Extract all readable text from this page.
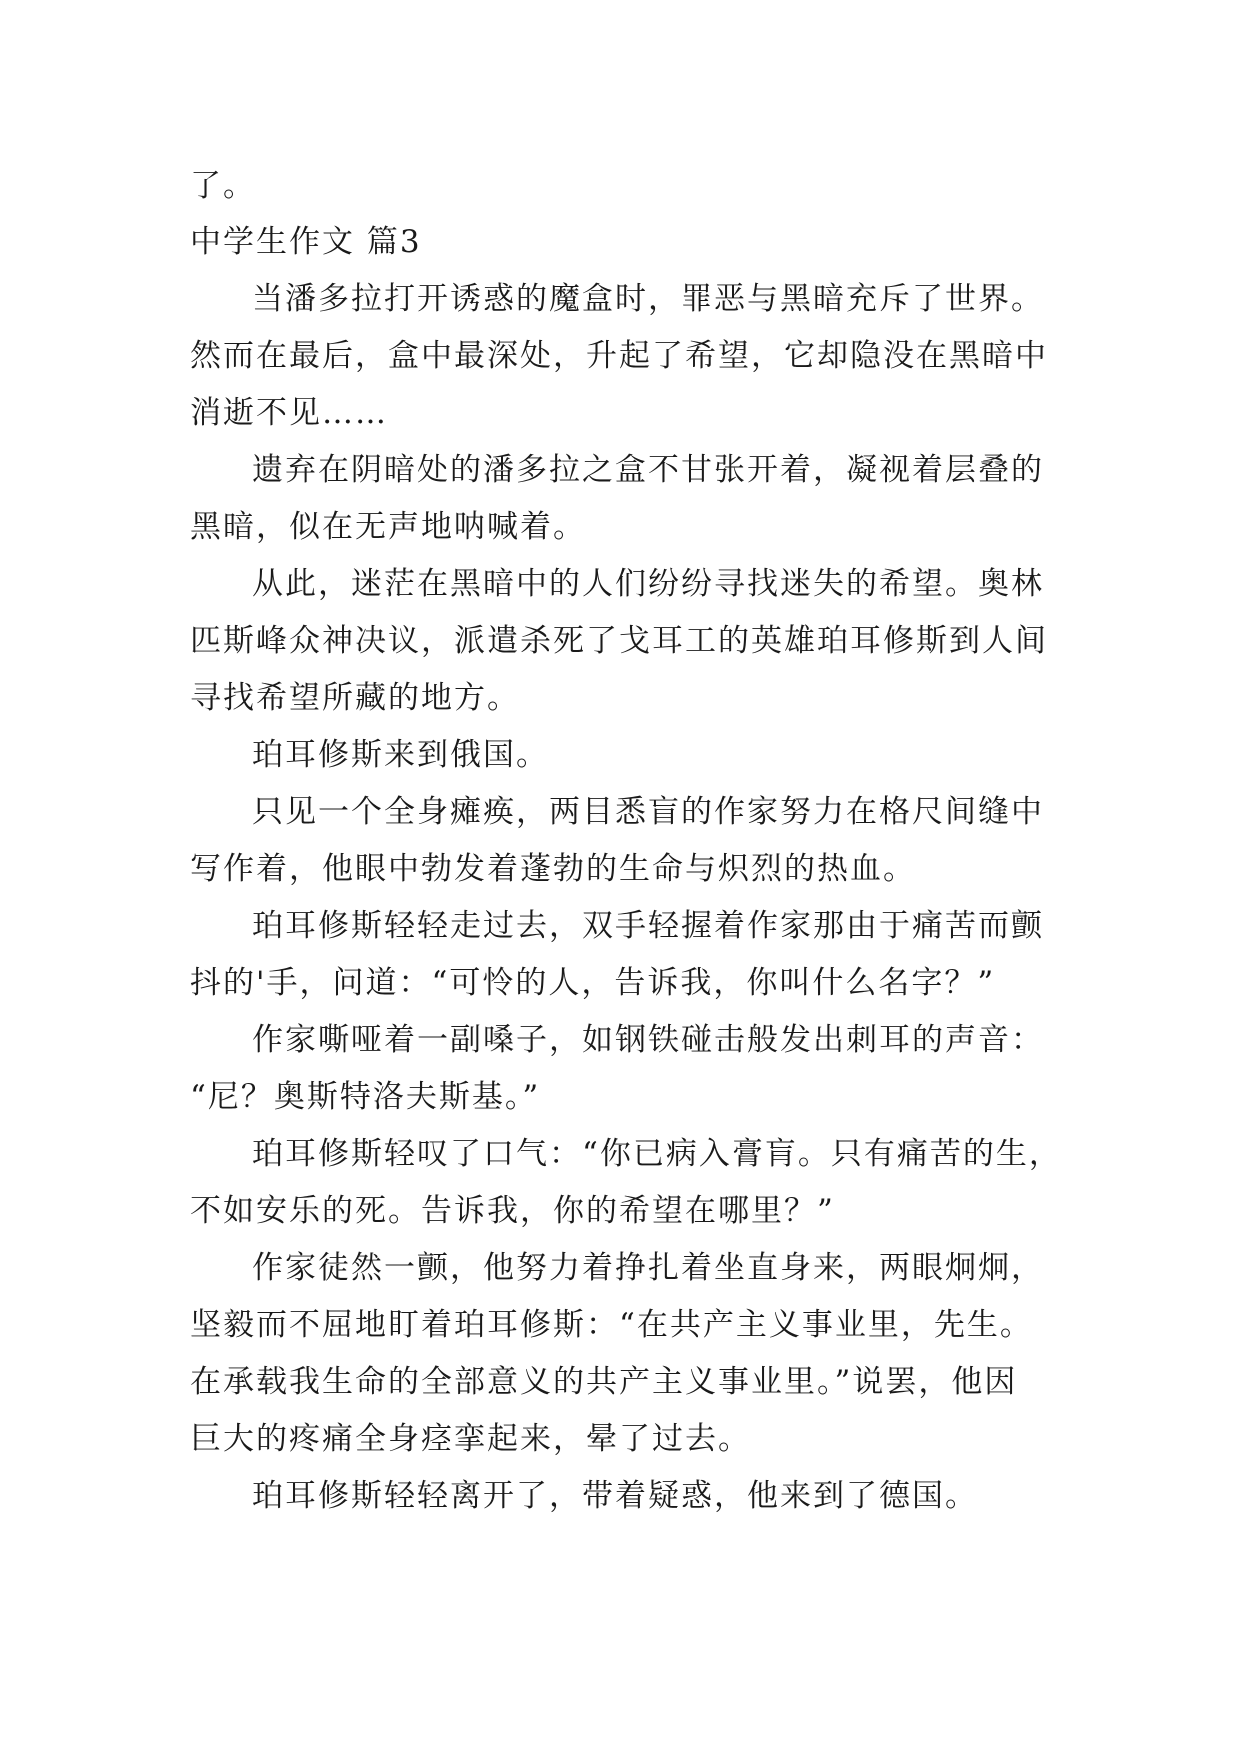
了。
中学生作文 篇3
当潘多拉打开诱惑的魔盒时，罪恶与黑暗充斥了世界。
然而在最后，盒中最深处，升起了希望，它却隐没在黑暗中
消逝不见……
遗弃在阴暗处的潘多拉之盒不甘张开着，凝视着层叠的
黑暗，似在无声地呐喊着。
从此，迷茫在黑暗中的人们纷纷寻找迷失的希望。奥林
匹斯峰众神决议，派遣杀死了戈耳工的英雄珀耳修斯到人间
寻找希望所藏的地方。
珀耳修斯来到俄国。
只见一个全身瘫痪，两目悉盲的作家努力在格尺间缝中
写作着，他眼中勃发着蓬勃的生命与炽烈的热血。
珀耳修斯轻轻走过去，双手轻握着作家那由于痛苦而颤
抖的'手，问道：“可怜的人，告诉我，你叫什么名字？”
作家嘶哑着一副嗓子，如钢铁碰击般发出刺耳的声音：
“尼？奥斯特洛夫斯基。”
珀耳修斯轻叹了口气：“你已病入膏肓。只有痛苦的生，
不如安乐的死。告诉我，你的希望在哪里？”
作家徒然一颤，他努力着挣扎着坐直身来，两眼炯炯，
坚毅而不屈地盯着珀耳修斯：“在共产主义事业里，先生。
在承载我生命的全部意义的共产主义事业里。”说罢，他因
巨大的疼痛全身痉挛起来，晕了过去。
珀耳修斯轻轻离开了，带着疑惑，他来到了德国。
